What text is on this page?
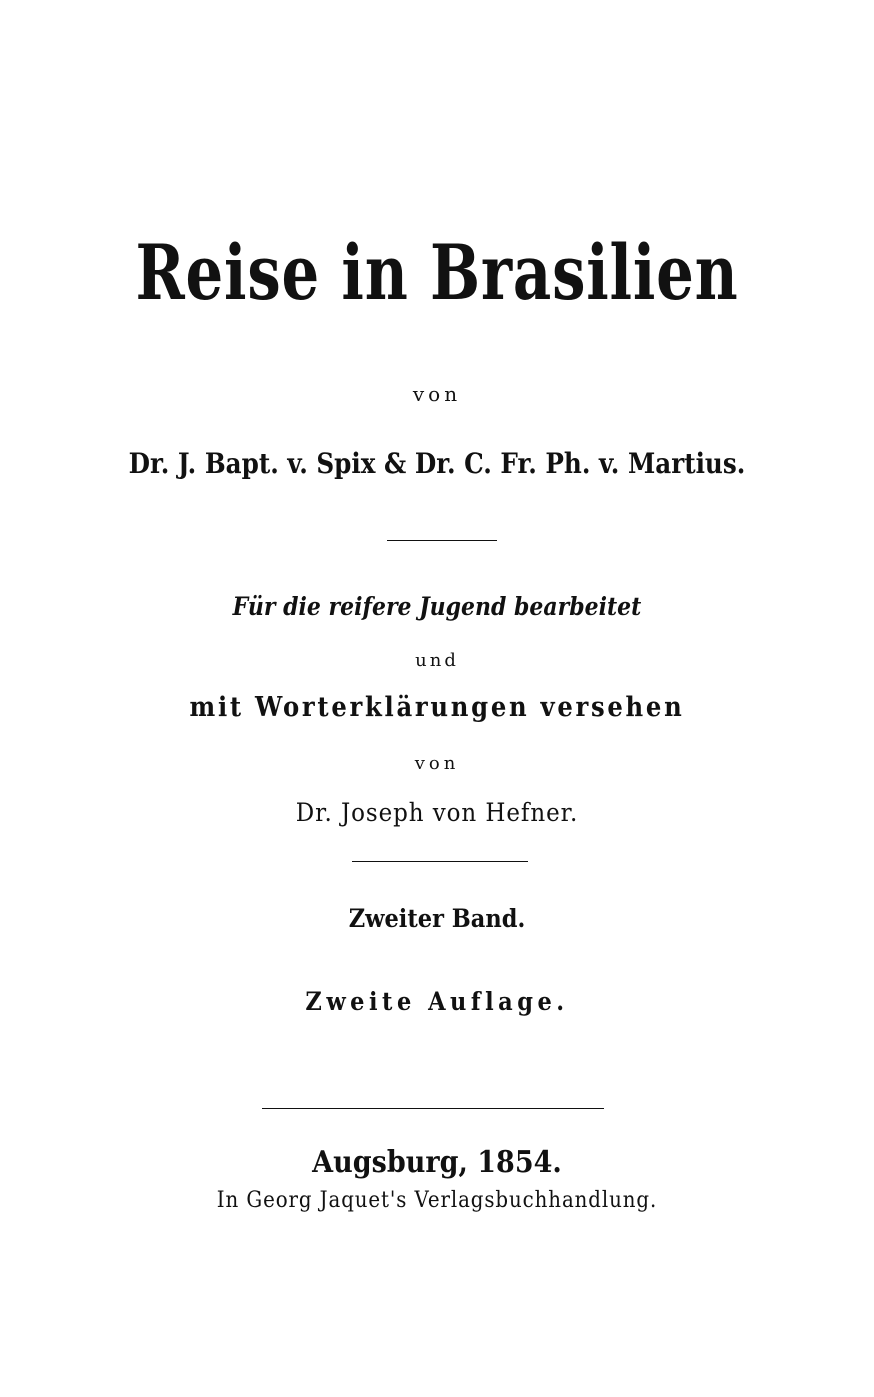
Reise in Brasilien
von
Dr. J. Bapt. v. Spix & Dr. C. Fr. Ph. v. Martius.
Für die reifere Jugend bearbeitet
und
mit Worterklärungen versehen
von
Dr. Joseph von Hefner.
Zweiter Band.
Zweite Auflage.
Augsburg, 1854.
In Georg Jaquet's Verlagsbuchhandlung.
